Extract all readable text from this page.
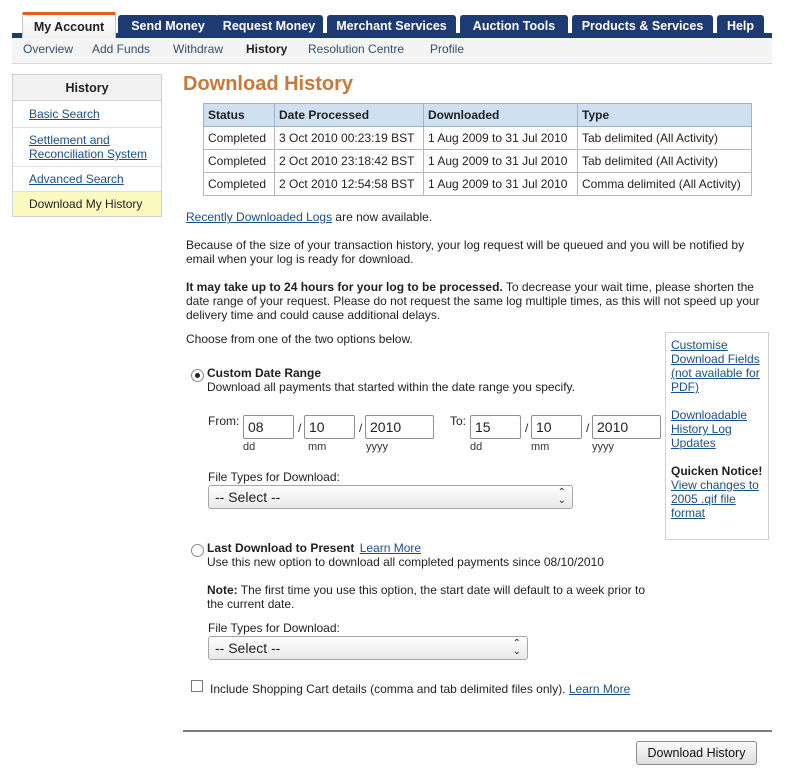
My Account	Send Money	Request Money	Merchant Services	Auction Tools	Products & Services	Help
Overview Add Funds Withdraw History Resolution Centre Profile
History
Basic Search
Settlement and Reconciliation System
Advanced Search
Download My History
Download History
Status	Date Processed	Downloaded	Type
Completed	3 Oct 2010 00:23:19 BST	1 Aug 2009 to 31 Jul 2010	Tab delimited (All Activity)
Completed	2 Oct 2010 23:18:42 BST	1 Aug 2009 to 31 Jul 2010	Tab delimited (All Activity)
Completed	2 Oct 2010 12:54:58 BST	1 Aug 2009 to 31 Jul 2010	Comma delimited (All Activity)
Recently Downloaded Logs are now available.
Because of the size of your transaction history, your log request will be queued and you will be notified by email when your log is ready for download.
It may take up to 24 hours for your log to be processed. To decrease your wait time, please shorten the date range of your request. Please do not request the same log multiple times, as this will not speed up your delivery time and could cause additional delays.
Choose from one of the two options below.	Customise Download Fields (not available for PDF)
Downloadable History Log Updates
Quicken Notice!
View changes to 2005 .qif file format
Custom Date Range
Download all payments that started within the date range you specify.
From: 08	/ 10	/ 2010
dd	mm	yyyy
To: 15	/ 10	/ 2010
dd	mm	yyyy
File Types for Download:
-- Select --	⌃
⌄
Last Download to Present Learn More
Use this new option to download all completed payments since 08/10/2010
Note: The first time you use this option, the start date will default to a week prior to the current date.
File Types for Download:
-- Select --	⌃
⌄
Include Shopping Cart details (comma and tab delimited files only). Learn More
Download History
